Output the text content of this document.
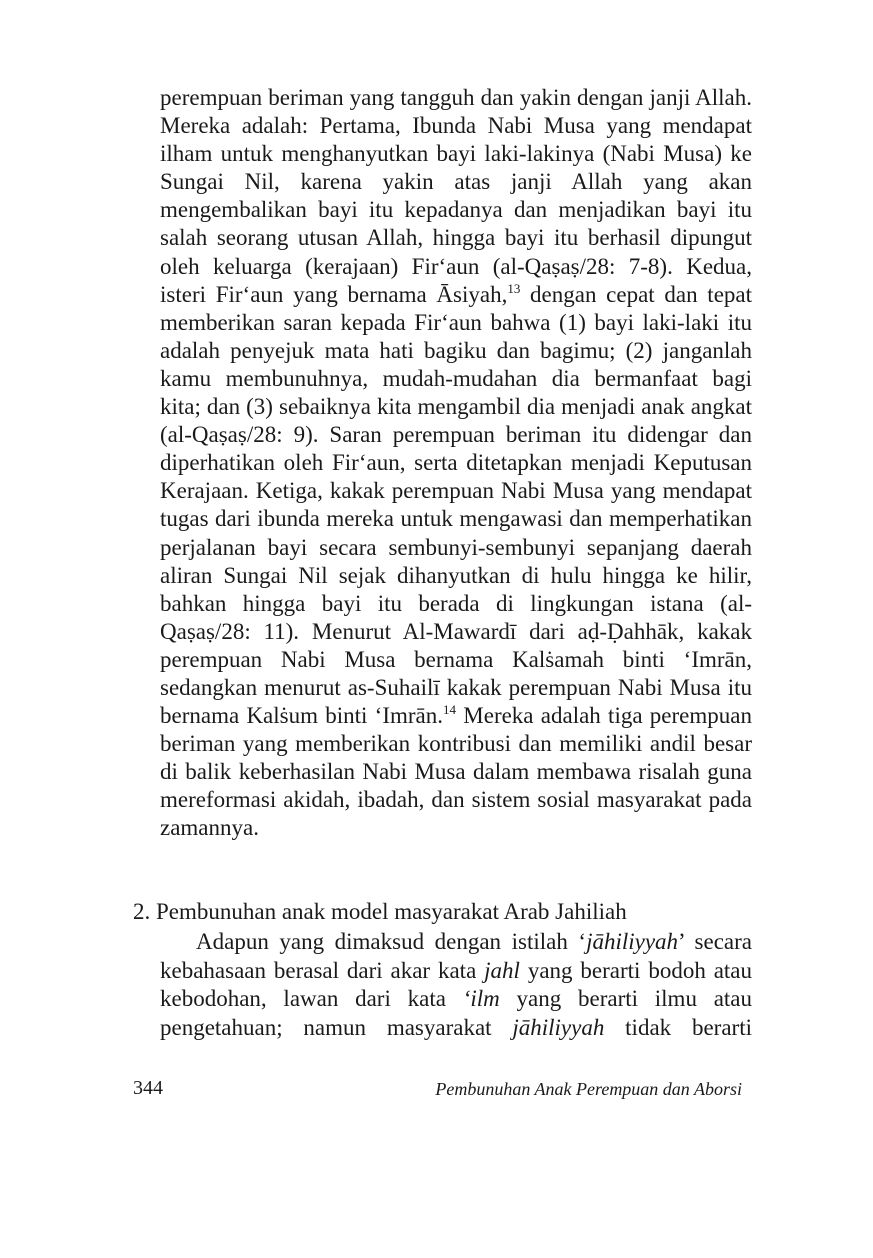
perempuan beriman yang tangguh dan yakin dengan janji Allah. Mereka adalah: Pertama, Ibunda Nabi Musa yang mendapat ilham untuk menghanyutkan bayi laki-lakinya (Nabi Musa) ke Sungai Nil, karena yakin atas janji Allah yang akan mengembalikan bayi itu kepadanya dan menjadikan bayi itu salah seorang utusan Allah, hingga bayi itu berhasil dipungut oleh keluarga (kerajaan) Fir‘aun (al-Qaṣaṣ/28: 7-8). Kedua, isteri Fir‘aun yang bernama Āsiyah,$^{13}$ dengan cepat dan tepat memberikan saran kepada Fir‘aun bahwa (1) bayi laki-laki itu adalah penyejuk mata hati bagiku dan bagimu; (2) janganlah kamu membunuhnya, mudah-mudahan dia bermanfaat bagi kita; dan (3) sebaiknya kita mengambil dia menjadi anak angkat (al-Qaṣaṣ/28: 9). Saran perempuan beriman itu didengar dan diperhatikan oleh Fir‘aun, serta ditetapkan menjadi Keputusan Kerajaan. Ketiga, kakak perempuan Nabi Musa yang mendapat tugas dari ibunda mereka untuk mengawasi dan memperhatikan perjalanan bayi secara sembunyi-sembunyi sepanjang daerah aliran Sungai Nil sejak dihanyutkan di hulu hingga ke hilir, bahkan hingga bayi itu berada di lingkungan istana (al-Qaṣaṣ/28: 11). Menurut Al-Mawardī dari aḍ-Ḍahhāk, kakak perempuan Nabi Musa bernama Kalṡamah binti ‘Imrān, sedangkan menurut as-Suhailī kakak perempuan Nabi Musa itu bernama Kalṡum binti ‘Imrān.$^{14}$ Mereka adalah tiga perempuan beriman yang memberikan kontribusi dan memiliki andil besar di balik keberhasilan Nabi Musa dalam membawa risalah guna mereformasi akidah, ibadah, dan sistem sosial masyarakat pada zamannya.

2. Pembunuhan anak model masyarakat Arab Jahiliah

Adapun yang dimaksud dengan istilah ‘jāhiliyyah’ secara kebahasaan berasal dari akar kata jahl yang berarti bodoh atau kebodohan, lawan dari kata ‘ilm yang berarti ilmu atau pengetahuan; namun masyarakat jāhiliyyah tidak berarti

344	Pembunuhan Anak Perempuan dan Aborsi
